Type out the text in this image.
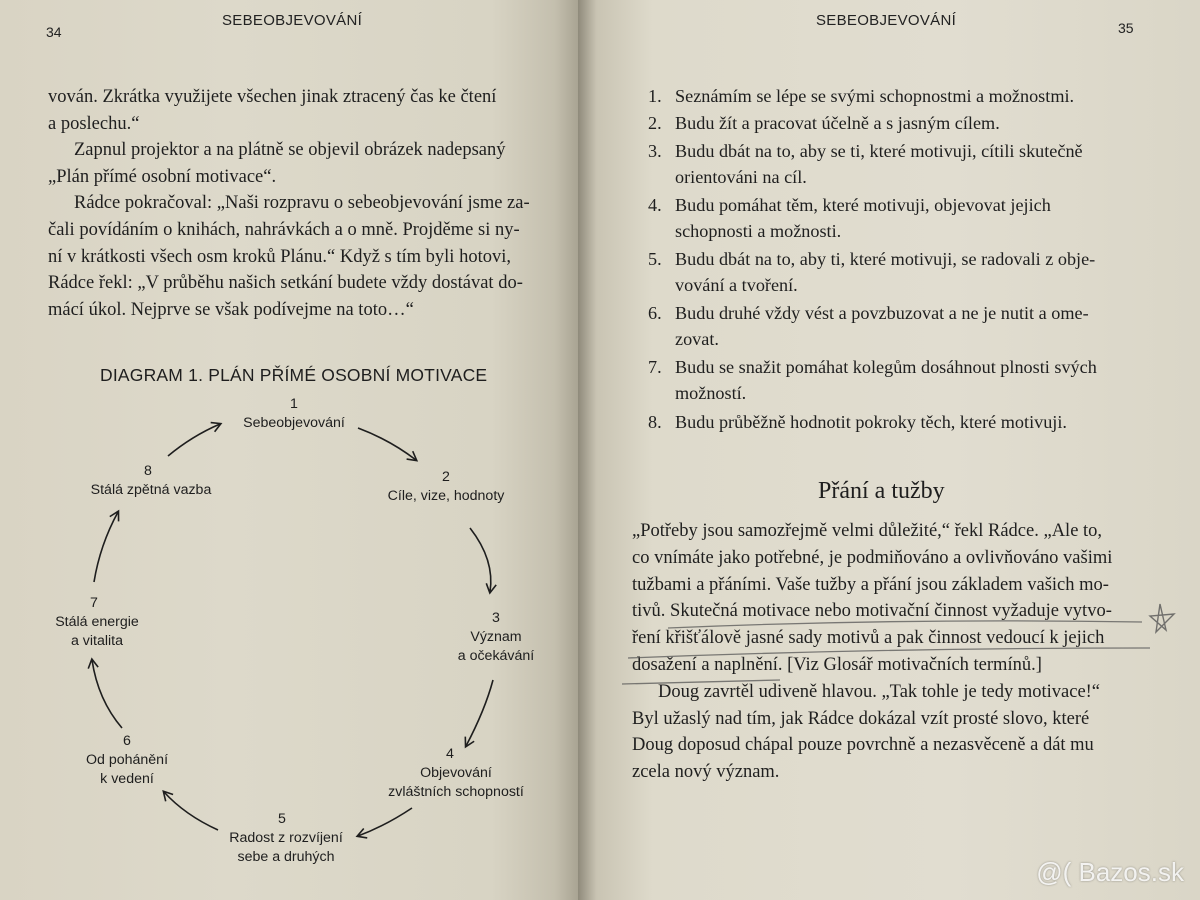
34
SEBEOBJEVOVÁNÍ

vován. Zkrátka využijete všechen jinak ztracený čas ke čtení
a poslechu.“

Zapnul projektor a na plátně se objevil obrázek nadepsaný
„Plán přímé osobní motivace“.

Rádce pokračoval: „Naši rozpravu o sebeobjevování jsme za-
čali povídáním o knihách, nahrávkách a o mně. Projděme si ny-
ní v krátkosti všech osm kroků Plánu.“ Když s tím byli hotovi,
Rádce řekl: „V průběhu našich setkání budete vždy dostávat do-
mácí úkol. Nejprve se však podívejme na toto…“

DIAGRAM 1. PLÁN PŘÍMÉ OSOBNÍ MOTIVACE
1
Sebeobjevování
2
Cíle, vize, hodnoty
3
Význam
a očekávání
4
Objevování
zvláštních schopností
5
Radost z rozvíjení
sebe a druhých
6
Od pohánění
k vedení
7
Stálá energie
a vitalita
8
Stálá zpětná vazba
SEBEOBJEVOVÁNÍ	35
1. Seznámím se lépe se svými schopnostmi a možnostmi.
2. Budu žít a pracovat účelně a s jasným cílem.
3. Budu dbát na to, aby se ti, které motivuji, cítili skutečně
orientováni na cíl.
4. Budu pomáhat těm, které motivuji, objevovat jejich
schopnosti a možnosti.
5. Budu dbát na to, aby ti, které motivuji, se radovali z obje-
vování a tvoření.
6. Budu druhé vždy vést a povzbuzovat a ne je nutit a ome-
zovat.
7. Budu se snažit pomáhat kolegům dosáhnout plnosti svých
možností.
8. Budu průběžně hodnotit pokroky těch, které motivuji.
Přání a tužby

„Potřeby jsou samozřejmě velmi důležité,“ řekl Rádce. „Ale to,
co vnímáte jako potřebné, je podmiňováno a ovlivňováno vašimi
tužbami a přáními. Vaše tužby a přání jsou základem vašich mo-
tivů. Skutečná motivace nebo motivační činnost vyžaduje vytvo-
ření křišťálově jasné sady motivů a pak činnost vedoucí k jejich
dosažení a naplnění. [Viz Glosář motivačních termínů.]

Doug zavrtěl udiveně hlavou. „Tak tohle je tedy motivace!“
Byl užaslý nad tím, jak Rádce dokázal vzít prosté slovo, které
Doug doposud chápal pouze povrchně a nezasvěceně a dát mu
zcela nový význam.

@( Bazos.sk
